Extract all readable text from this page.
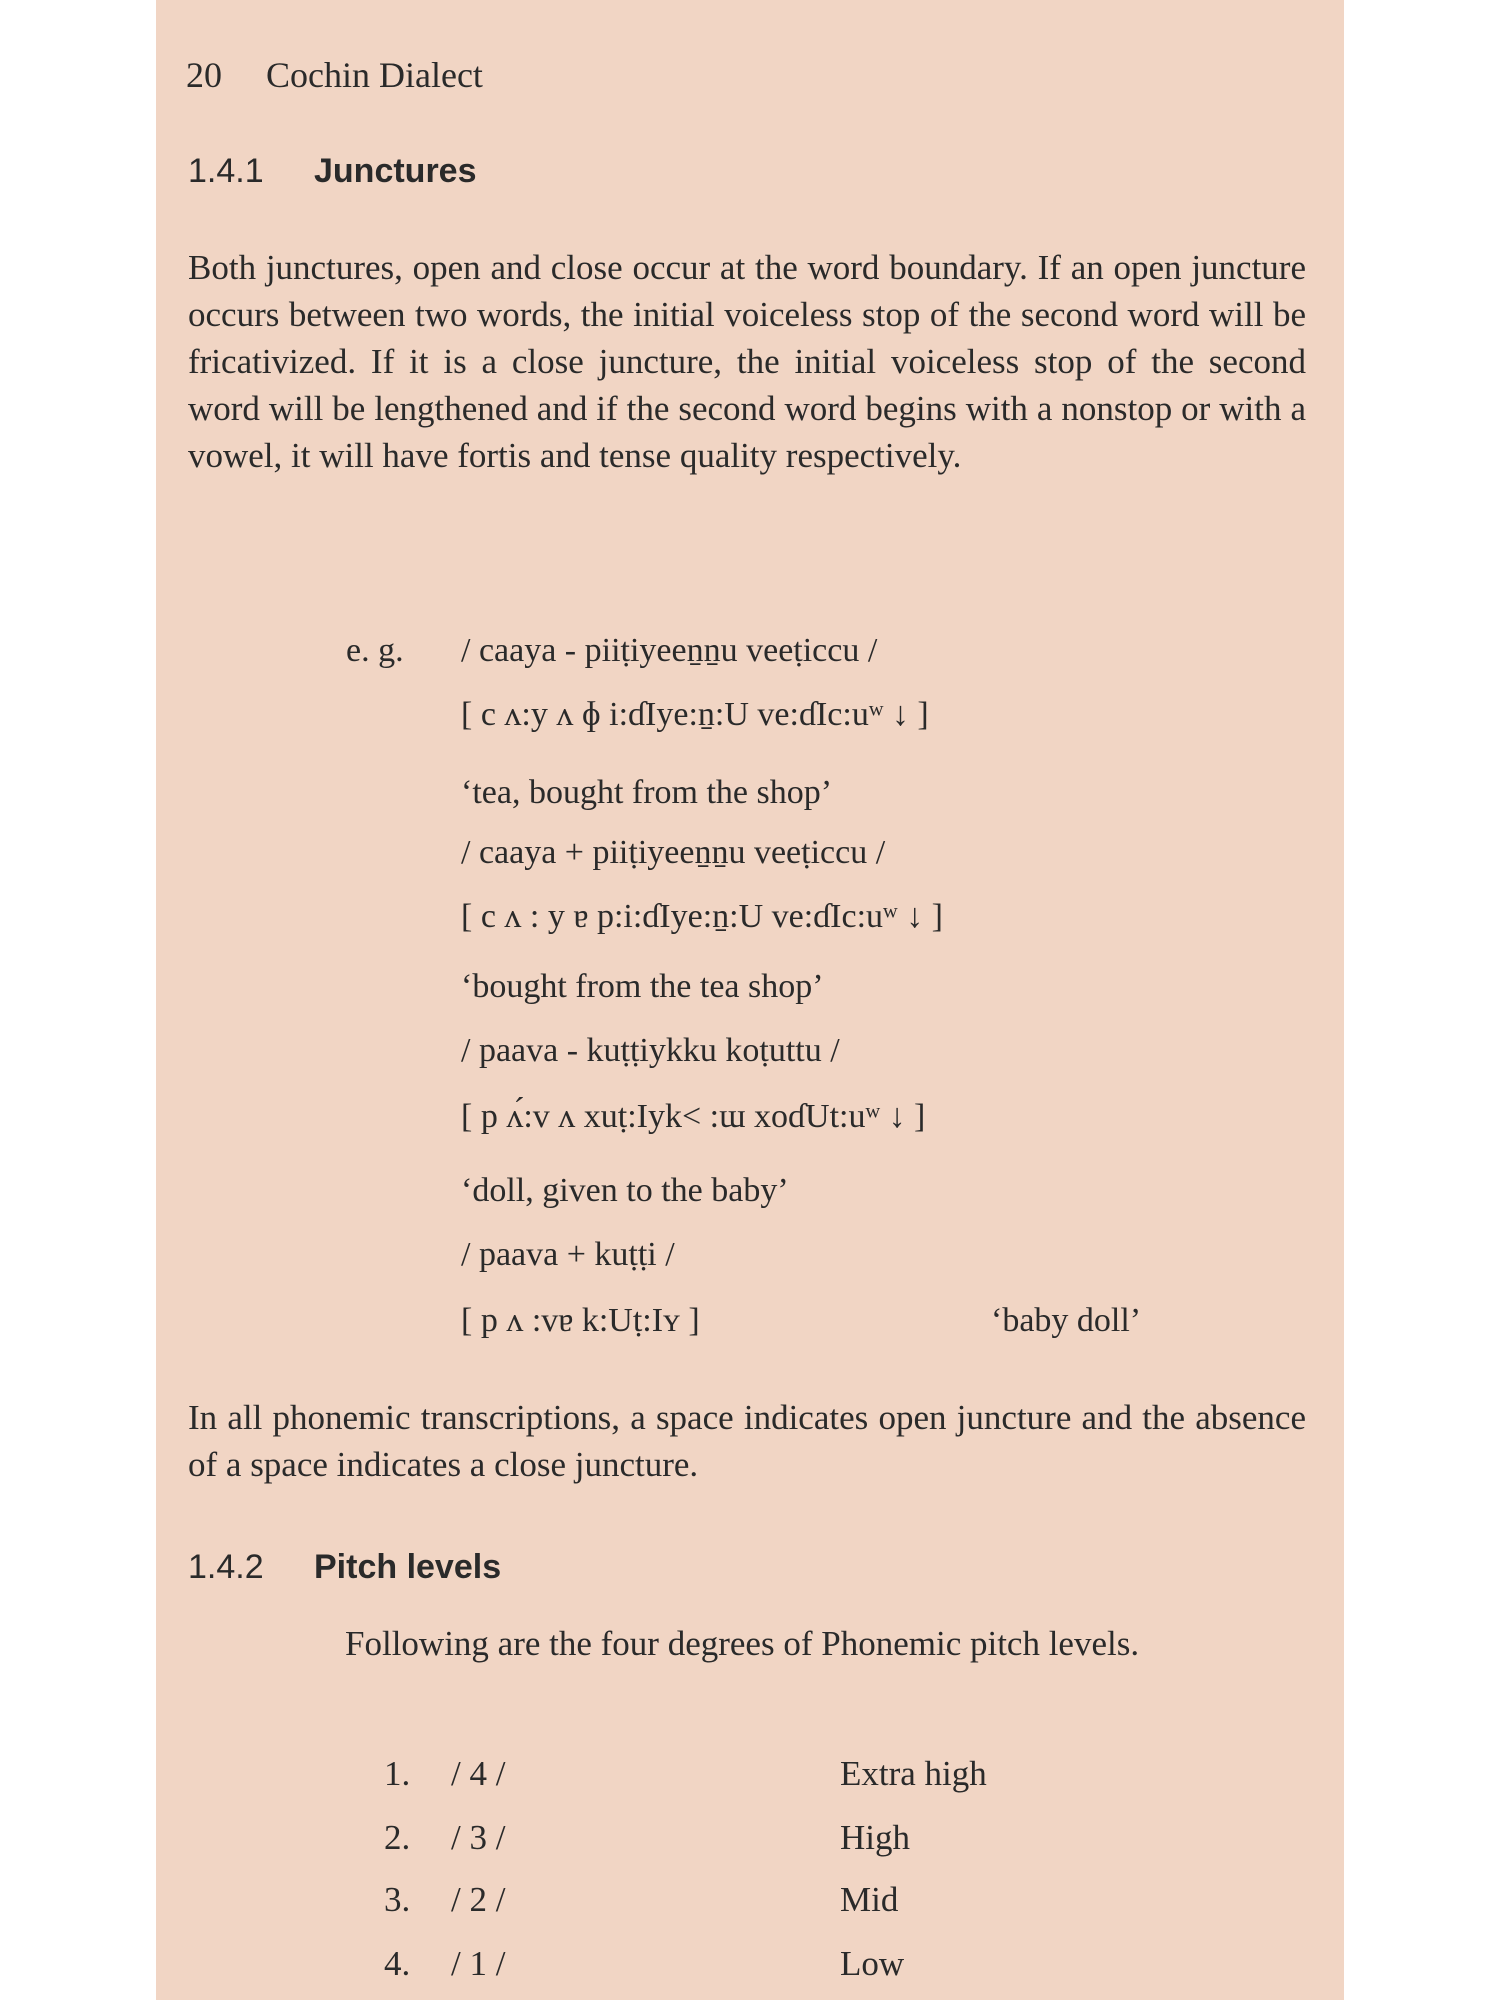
20 Cochin Dialect
1.4.1 Junctures
Both junctures, open and close occur at the word boundary. If an open juncture occurs between two words, the initial voiceless stop of the second word will be fricativized. If it is a close juncture, the initial voiceless stop of the second word will be lengthened and if the second word begins with a nonstop or with a vowel, it will have fortis and tense quality respectively.
e. g. / caaya - piiṭiyeeṉṉu veeṭiccu /
[ c ʌ:y ʌ ɸ i:ɗIye:ṉ:U ve:ɗIc:uʷ ↓ ]
‘tea, bought from the shop’
/ caaya + piiṭiyeeṉṉu veeṭiccu /
[ c ʌ : y ɐ p:i:ɗIye:ṉ:U ve:ɗIc:uʷ ↓ ]
‘bought from the tea shop’
/ paava - kuṭṭiykku koṭuttu /
[ p ʌ́:v ʌ xuṭ:Iyk< :ɯ xoɗUt:uʷ ↓ ]
‘doll, given to the baby’
/ paava + kuṭṭi /
[ p ʌ :vɐ k:Uṭ:Iʏ ]	‘baby doll’
In all phonemic transcriptions, a space indicates open juncture and the absence of a space indicates a close juncture.
1.4.2 Pitch levels
Following are the four degrees of Phonemic pitch levels.
1. / 4 /	Extra high
2. / 3 /	High
3. / 2 /	Mid
4. / 1 /	Low
